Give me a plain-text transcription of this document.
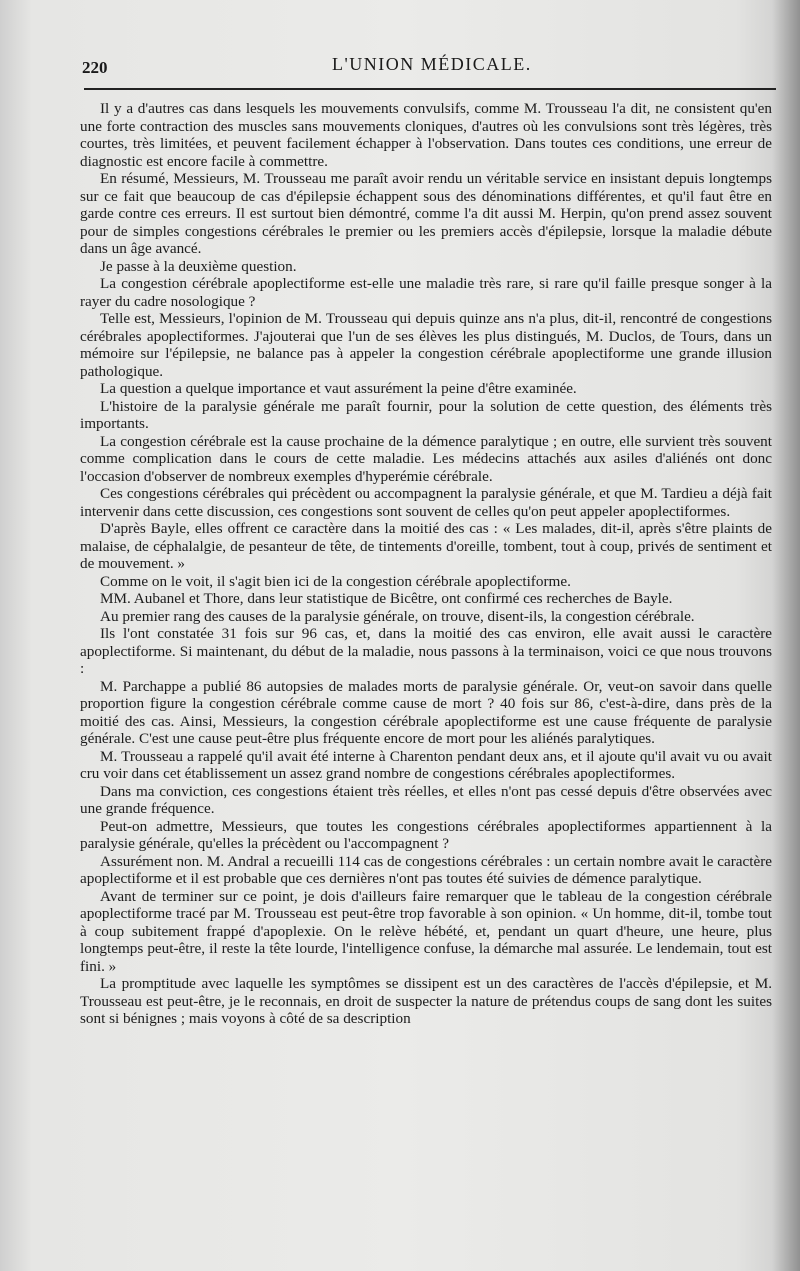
220	L'UNION MÉDICALE.

Il y a d'autres cas dans lesquels les mouvements convulsifs, comme M. Trousseau l'a dit, ne consistent qu'en une forte contraction des muscles sans mouvements cloniques, d'autres où les convulsions sont très légères, très courtes, très limitées, et peuvent facilement échapper à l'observation. Dans toutes ces conditions, une erreur de diagnostic est encore facile à commettre.

En résumé, Messieurs, M. Trousseau me paraît avoir rendu un véritable service en insistant depuis longtemps sur ce fait que beaucoup de cas d'épilepsie échappent sous des dénominations différentes, et qu'il faut être en garde contre ces erreurs. Il est surtout bien démontré, comme l'a dit aussi M. Herpin, qu'on prend assez souvent pour de simples congestions cérébrales le premier ou les premiers accès d'épilepsie, lorsque la maladie débute dans un âge avancé.

Je passe à la deuxième question.

La congestion cérébrale apoplectiforme est-elle une maladie très rare, si rare qu'il faille presque songer à la rayer du cadre nosologique ?

Telle est, Messieurs, l'opinion de M. Trousseau qui depuis quinze ans n'a plus, dit-il, rencontré de congestions cérébrales apoplectiformes. J'ajouterai que l'un de ses élèves les plus distingués, M. Duclos, de Tours, dans un mémoire sur l'épilepsie, ne balance pas à appeler la congestion cérébrale apoplectiforme une grande illusion pathologique.

La question a quelque importance et vaut assurément la peine d'être examinée.

L'histoire de la paralysie générale me paraît fournir, pour la solution de cette question, des éléments très importants.

La congestion cérébrale est la cause prochaine de la démence paralytique ; en outre, elle survient très souvent comme complication dans le cours de cette maladie. Les médecins attachés aux asiles d'aliénés ont donc l'occasion d'observer de nombreux exemples d'hyperémie cérébrale.

Ces congestions cérébrales qui précèdent ou accompagnent la paralysie générale, et que M. Tardieu a déjà fait intervenir dans cette discussion, ces congestions sont souvent de celles qu'on peut appeler apoplectiformes.

D'après Bayle, elles offrent ce caractère dans la moitié des cas : « Les malades, dit-il, après s'être plaints de malaise, de céphalalgie, de pesanteur de tête, de tintements d'oreille, tombent, tout à coup, privés de sentiment et de mouvement. »

Comme on le voit, il s'agit bien ici de la congestion cérébrale apoplectiforme.

MM. Aubanel et Thore, dans leur statistique de Bicêtre, ont confirmé ces recherches de Bayle.

Au premier rang des causes de la paralysie générale, on trouve, disent-ils, la congestion cérébrale.

Ils l'ont constatée 31 fois sur 96 cas, et, dans la moitié des cas environ, elle avait aussi le caractère apoplectiforme. Si maintenant, du début de la maladie, nous passons à la terminaison, voici ce que nous trouvons :

M. Parchappe a publié 86 autopsies de malades morts de paralysie générale. Or, veut-on savoir dans quelle proportion figure la congestion cérébrale comme cause de mort ? 40 fois sur 86, c'est-à-dire, dans près de la moitié des cas. Ainsi, Messieurs, la congestion cérébrale apoplectiforme est une cause fréquente de paralysie générale. C'est une cause peut-être plus fréquente encore de mort pour les aliénés paralytiques.

M. Trousseau a rappelé qu'il avait été interne à Charenton pendant deux ans, et il ajoute qu'il avait vu ou avait cru voir dans cet établissement un assez grand nombre de congestions cérébrales apoplectiformes.

Dans ma conviction, ces congestions étaient très réelles, et elles n'ont pas cessé depuis d'être observées avec une grande fréquence.

Peut-on admettre, Messieurs, que toutes les congestions cérébrales apoplectiformes appartiennent à la paralysie générale, qu'elles la précèdent ou l'accompagnent ?

Assurément non. M. Andral a recueilli 114 cas de congestions cérébrales : un certain nombre avait le caractère apoplectiforme et il est probable que ces dernières n'ont pas toutes été suivies de démence paralytique.

Avant de terminer sur ce point, je dois d'ailleurs faire remarquer que le tableau de la congestion cérébrale apoplectiforme tracé par M. Trousseau est peut-être trop favorable à son opinion. « Un homme, dit-il, tombe tout à coup subitement frappé d'apoplexie. On le relève hébété, et, pendant un quart d'heure, une heure, plus longtemps peut-être, il reste la tête lourde, l'intelligence confuse, la démarche mal assurée. Le lendemain, tout est fini. »

La promptitude avec laquelle les symptômes se dissipent est un des caractères de l'accès d'épilepsie, et M. Trousseau est peut-être, je le reconnais, en droit de suspecter la nature de prétendus coups de sang dont les suites sont si bénignes ; mais voyons à côté de sa description
